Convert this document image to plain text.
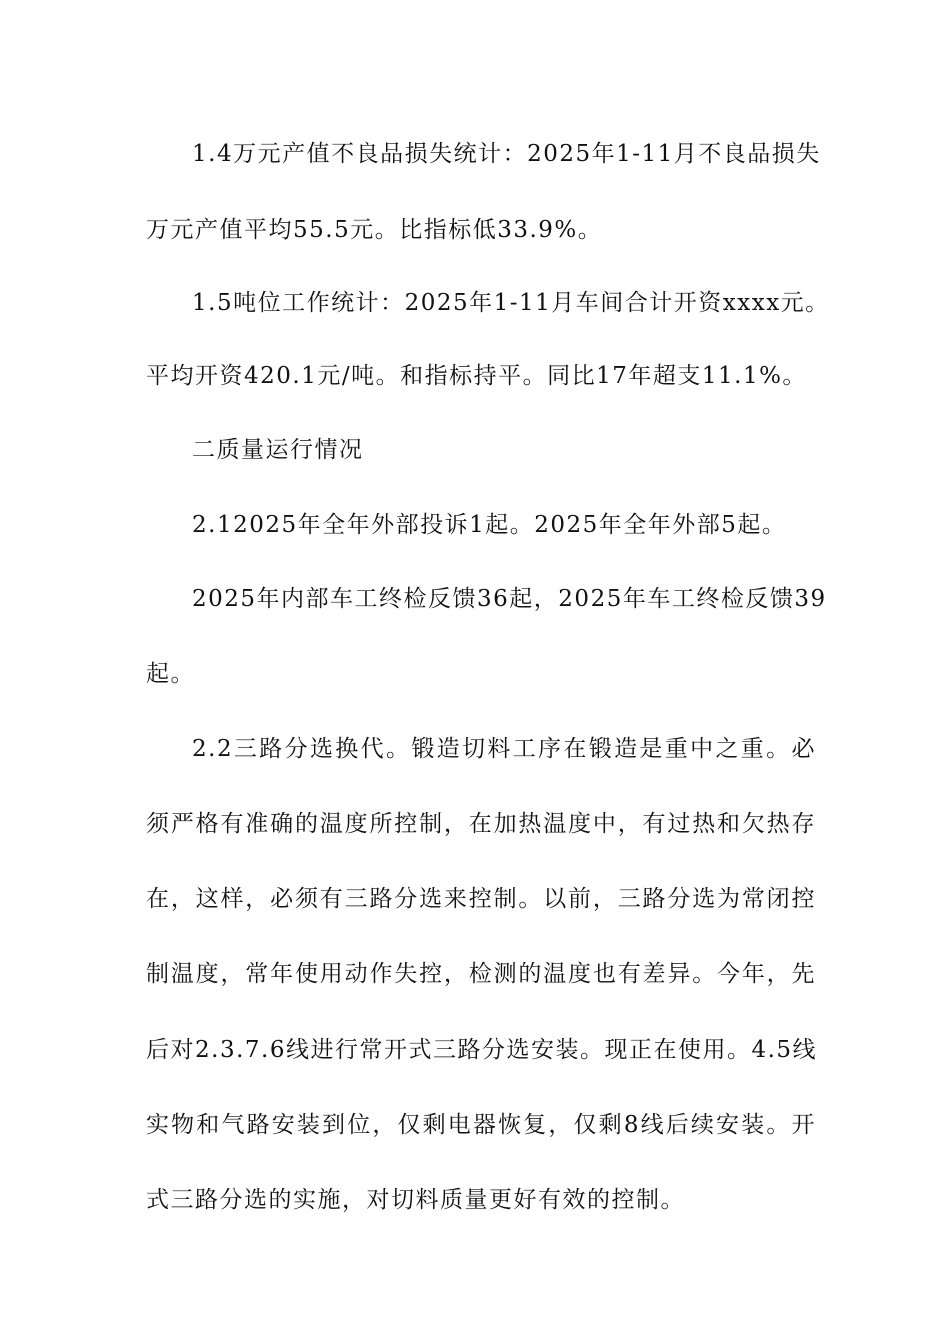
1.4万元产值不良品损失统计：2025年1-11月不良品损失
万元产值平均55.5元。比指标低33.9%。
1.5吨位工作统计：2025年1-11月车间合计开资xxxx元。
平均开资420.1元/吨。和指标持平。同比17年超支11.1%。
二质量运行情况
2.12025年全年外部投诉1起。2025年全年外部5起。
2025年内部车工终检反馈36起，2025年车工终检反馈39
起。
2.2三路分选换代。锻造切料工序在锻造是重中之重。必
须严格有准确的温度所控制，在加热温度中，有过热和欠热存
在，这样，必须有三路分选来控制。以前，三路分选为常闭控
制温度，常年使用动作失控，检测的温度也有差异。今年，先
后对2.3.7.6线进行常开式三路分选安装。现正在使用。4.5线
实物和气路安装到位，仅剩电器恢复，仅剩8线后续安装。开
式三路分选的实施，对切料质量更好有效的控制。
